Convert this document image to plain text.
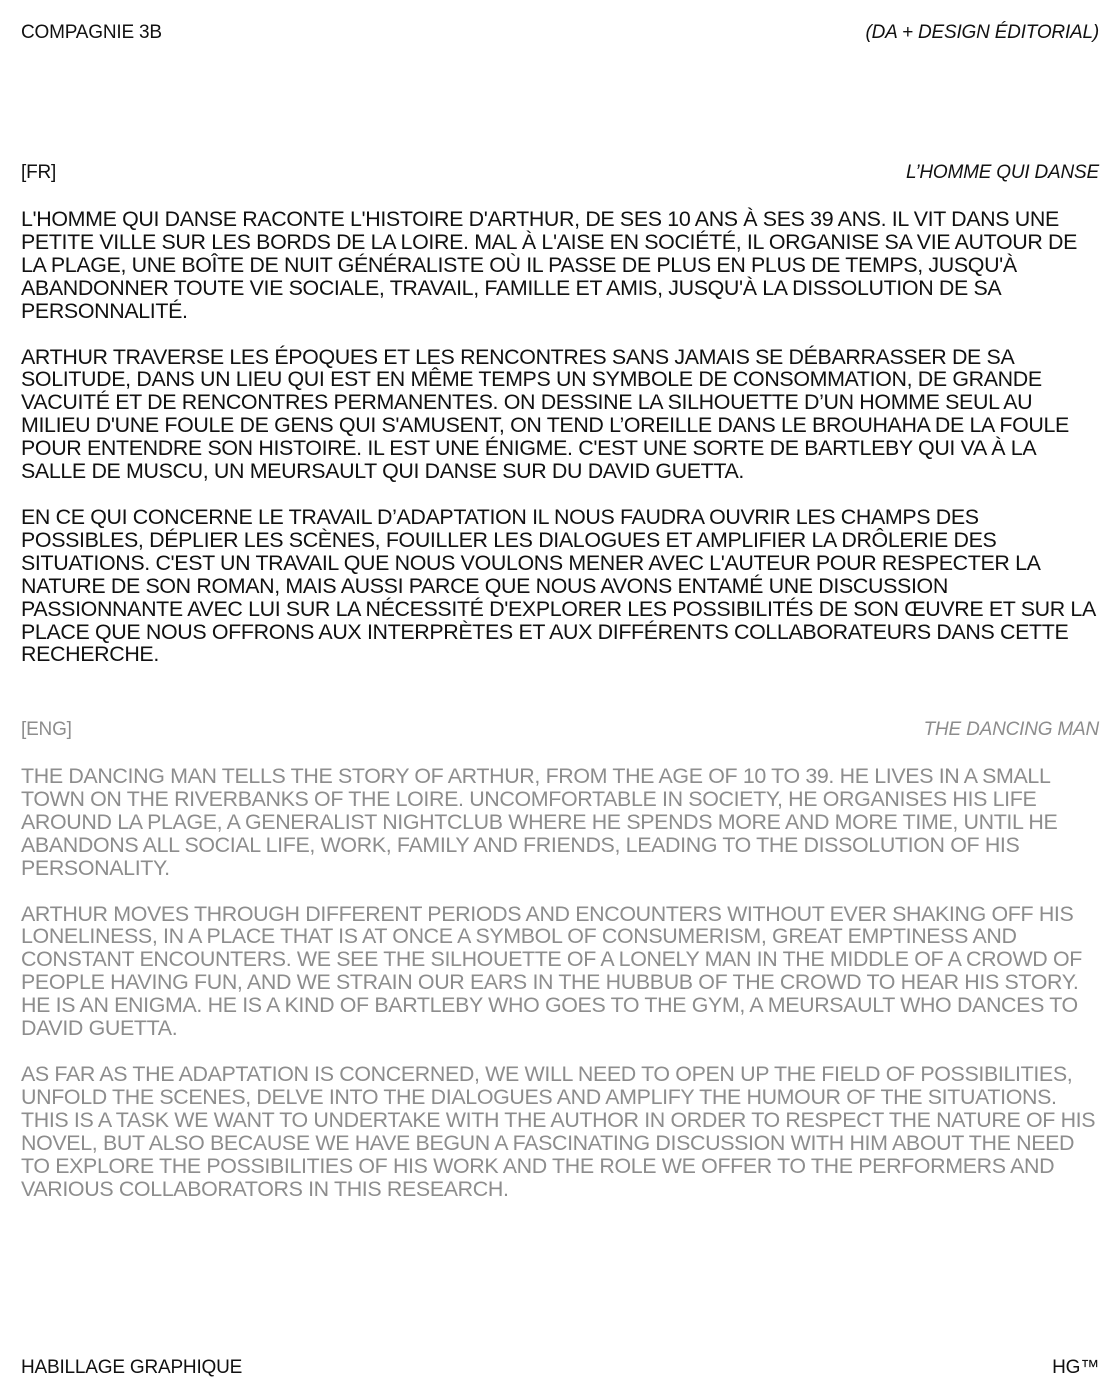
COMPAGNIE 3B	(DA + DESIGN ÉDITORIAL)
[FR]	L’HOMME QUI DANSE

L'HOMME QUI DANSE RACONTE L'HISTOIRE D'ARTHUR, DE SES 10 ANS À SES 39 ANS. IL VIT DANS UNE PETITE VILLE SUR LES BORDS DE LA LOIRE. MAL À L'AISE EN SOCIÉTÉ, IL ORGANISE SA VIE AUTOUR DE LA PLAGE, UNE BOÎTE DE NUIT GÉNÉRALISTE OÙ IL PASSE DE PLUS EN PLUS DE TEMPS, JUSQU'À ABANDONNER TOUTE VIE SOCIALE, TRAVAIL, FAMILLE ET AMIS, JUSQU'À LA DISSOLUTION DE SA PERSONNALITÉ.

ARTHUR TRAVERSE LES ÉPOQUES ET LES RENCONTRES SANS JAMAIS SE DÉBARRASSER DE SA SOLITUDE, DANS UN LIEU QUI EST EN MÊME TEMPS UN SYMBOLE DE CONSOMMATION, DE GRANDE VACUITÉ ET DE RENCONTRES PERMANENTES. ON DESSINE LA SILHOUETTE D’UN HOMME SEUL AU MILIEU D'UNE FOULE DE GENS QUI S'AMUSENT, ON TEND L’OREILLE DANS LE BROUHAHA DE LA FOULE POUR ENTENDRE SON HISTOIRE. IL EST UNE ÉNIGME. C'EST UNE SORTE DE BARTLEBY QUI VA À LA SALLE DE MUSCU, UN MEURSAULT QUI DANSE SUR DU DAVID GUETTA.

EN CE QUI CONCERNE LE TRAVAIL D’ADAPTATION IL NOUS FAUDRA OUVRIR LES CHAMPS DES POSSIBLES, DÉPLIER LES SCÈNES, FOUILLER LES DIALOGUES ET AMPLIFIER LA DRÔLERIE DES SITUATIONS. C'EST UN TRAVAIL QUE NOUS VOULONS MENER AVEC L'AUTEUR POUR RESPECTER LA NATURE DE SON ROMAN, MAIS AUSSI PARCE QUE NOUS AVONS ENTAMÉ UNE DISCUSSION PASSIONNANTE AVEC LUI SUR LA NÉCESSITÉ D'EXPLORER LES POSSIBILITÉS DE SON ŒUVRE ET SUR LA PLACE QUE NOUS OFFRONS AUX INTERPRÈTES ET AUX DIFFÉRENTS COLLABORATEURS DANS CETTE RECHERCHE.

[ENG]	THE DANCING MAN

THE DANCING MAN TELLS THE STORY OF ARTHUR, FROM THE AGE OF 10 TO 39. HE LIVES IN A SMALL TOWN ON THE RIVERBANKS OF THE LOIRE. UNCOMFORTABLE IN SOCIETY, HE ORGANISES HIS LIFE AROUND LA PLAGE, A GENERALIST NIGHTCLUB WHERE HE SPENDS MORE AND MORE TIME, UNTIL HE ABANDONS ALL SOCIAL LIFE, WORK, FAMILY AND FRIENDS, LEADING TO THE DISSOLUTION OF HIS PERSONALITY.

ARTHUR MOVES THROUGH DIFFERENT PERIODS AND ENCOUNTERS WITHOUT EVER SHAKING OFF HIS LONELINESS, IN A PLACE THAT IS AT ONCE A SYMBOL OF CONSUMERISM, GREAT EMPTINESS AND CONSTANT ENCOUNTERS. WE SEE THE SILHOUETTE OF A LONELY MAN IN THE MIDDLE OF A CROWD OF PEOPLE HAVING FUN, AND WE STRAIN OUR EARS IN THE HUBBUB OF THE CROWD TO HEAR HIS STORY. HE IS AN ENIGMA. HE IS A KIND OF BARTLEBY WHO GOES TO THE GYM, A MEURSAULT WHO DANCES TO DAVID GUETTA.

AS FAR AS THE ADAPTATION IS CONCERNED, WE WILL NEED TO OPEN UP THE FIELD OF POSSIBILITIES, UNFOLD THE SCENES, DELVE INTO THE DIALOGUES AND AMPLIFY THE HUMOUR OF THE SITUATIONS. THIS IS A TASK WE WANT TO UNDERTAKE WITH THE AUTHOR IN ORDER TO RESPECT THE NATURE OF HIS NOVEL, BUT ALSO BECAUSE WE HAVE BEGUN A FASCINATING DISCUSSION WITH HIM ABOUT THE NEED TO EXPLORE THE POSSIBILITIES OF HIS WORK AND THE ROLE WE OFFER TO THE PERFORMERS AND VARIOUS COLLABORATORS IN THIS RESEARCH.

HABILLAGE GRAPHIQUE	HG™
